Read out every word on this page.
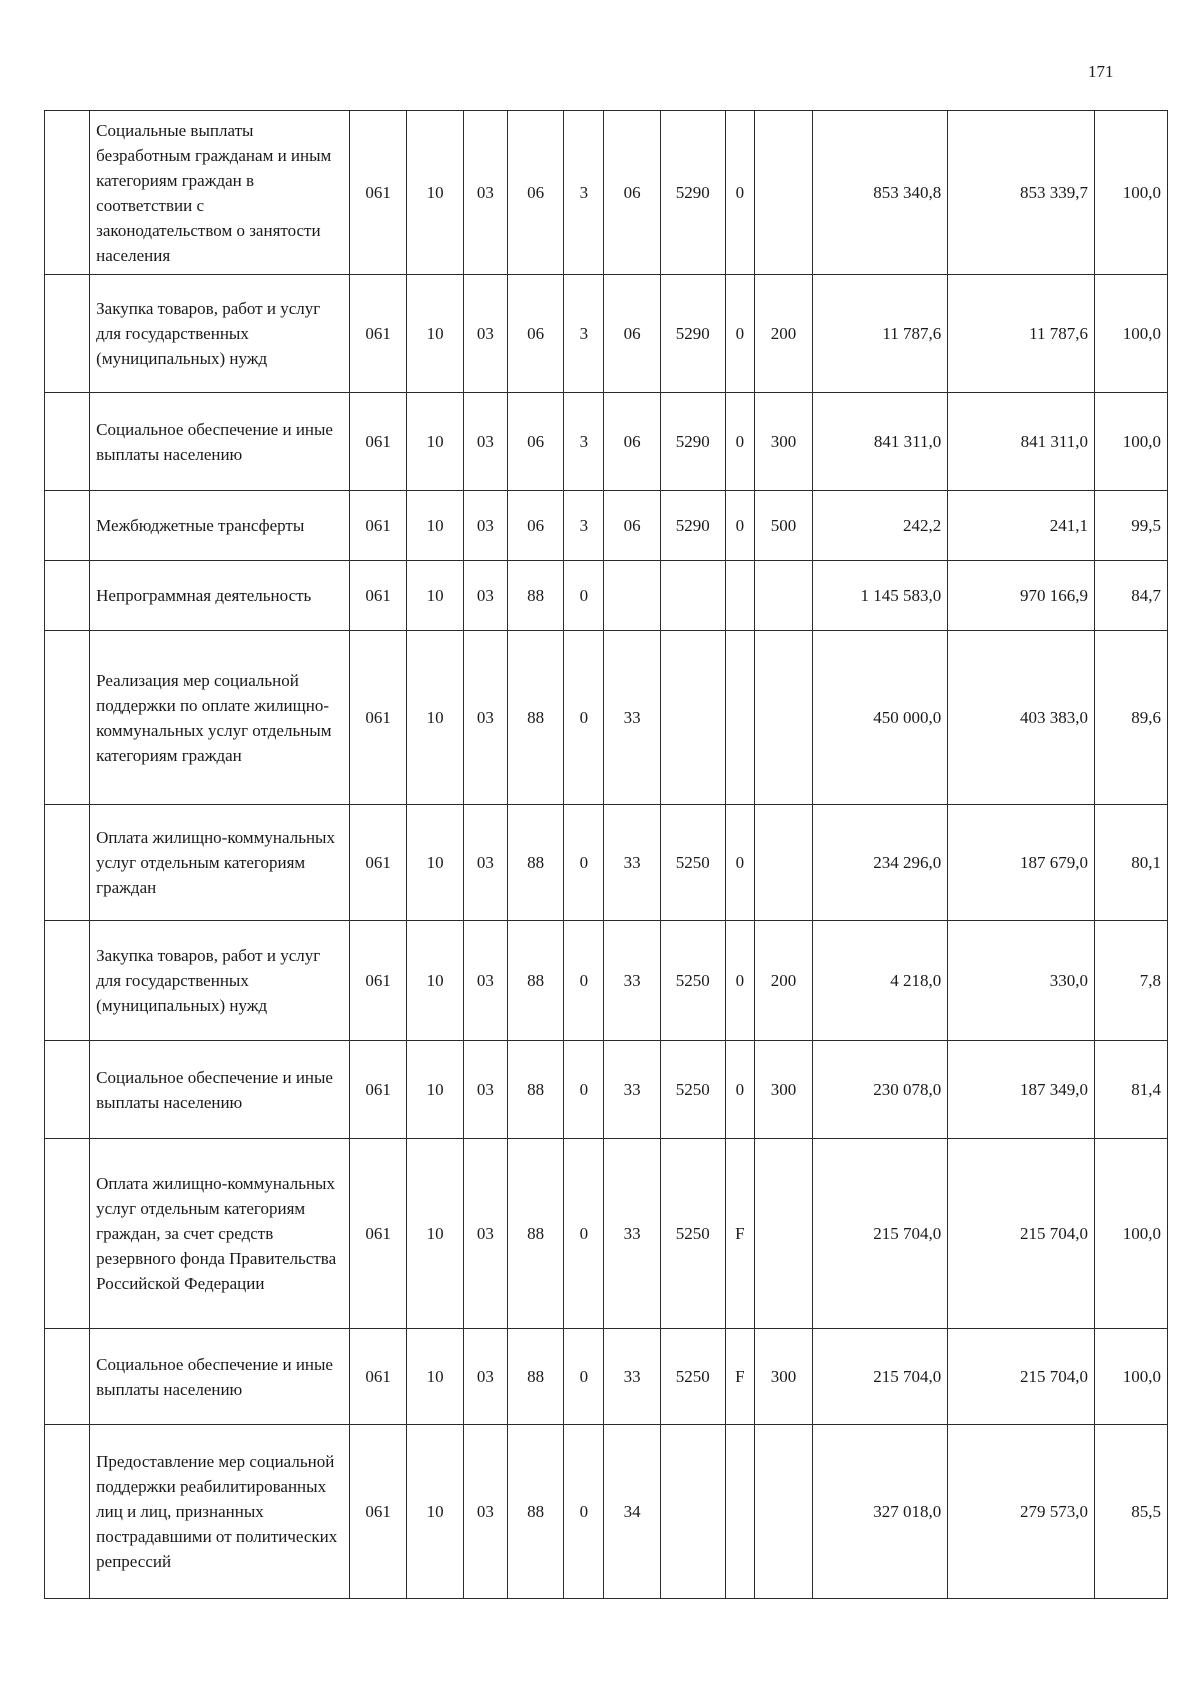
171
	Социальные выплаты безработным гражданам и иным категориям граждан в соответствии с законодательством о занятости населения	061	10	03	06	3	06	5290	0		853 340,8	853 339,7	100,0
	Закупка товаров, работ и услуг для государственных (муниципальных) нужд	061	10	03	06	3	06	5290	0	200	11 787,6	11 787,6	100,0
	Социальное обеспечение и иные выплаты населению	061	10	03	06	3	06	5290	0	300	841 311,0	841 311,0	100,0
	Межбюджетные трансферты	061	10	03	06	3	06	5290	0	500	242,2	241,1	99,5
	Непрограммная деятельность	061	10	03	88	0					1 145 583,0	970 166,9	84,7
	Реализация мер социальной поддержки по оплате жилищно-коммунальных услуг отдельным категориям граждан	061	10	03	88	0	33				450 000,0	403 383,0	89,6
	Оплата жилищно-коммунальных услуг отдельным категориям граждан	061	10	03	88	0	33	5250	0		234 296,0	187 679,0	80,1
	Закупка товаров, работ и услуг для государственных (муниципальных) нужд	061	10	03	88	0	33	5250	0	200	4 218,0	330,0	7,8
	Социальное обеспечение и иные выплаты населению	061	10	03	88	0	33	5250	0	300	230 078,0	187 349,0	81,4
	Оплата жилищно-коммунальных услуг отдельным категориям граждан, за счет средств резервного фонда Правительства Российской Федерации	061	10	03	88	0	33	5250	F		215 704,0	215 704,0	100,0
	Социальное обеспечение и иные выплаты населению	061	10	03	88	0	33	5250	F	300	215 704,0	215 704,0	100,0
	Предоставление мер социальной поддержки реабилитированных лиц и лиц, признанных пострадавшими от политических репрессий	061	10	03	88	0	34				327 018,0	279 573,0	85,5
